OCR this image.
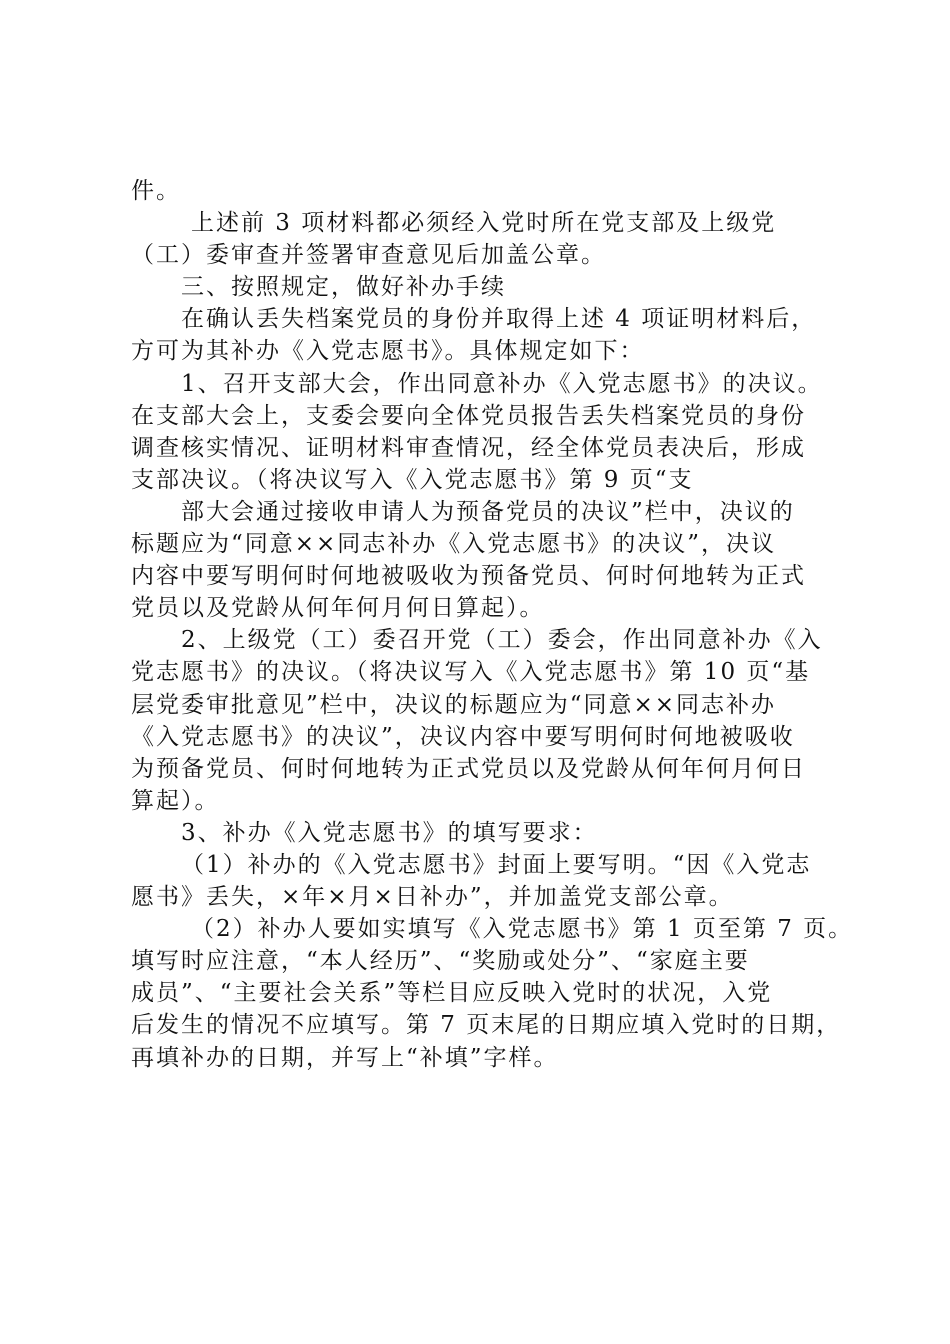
件。
上述前 3 项材料都必须经入党时所在党支部及上级党
（工）委审查并签署审查意见后加盖公章。
三、按照规定，做好补办手续
在确认丢失档案党员的身份并取得上述 4 项证明材料后，
方可为其补办《入党志愿书》。具体规定如下：
1、召开支部大会，作出同意补办《入党志愿书》的决议。
在支部大会上，支委会要向全体党员报告丢失档案党员的身份
调查核实情况、证明材料审查情况，经全体党员表决后，形成
支部决议。（将决议写入《入党志愿书》第 9 页“支
部大会通过接收申请人为预备党员的决议”栏中，决议的
标题应为“同意××同志补办《入党志愿书》的决议”，决议
内容中要写明何时何地被吸收为预备党员、何时何地转为正式
党员以及党龄从何年何月何日算起）。
2、上级党（工）委召开党（工）委会，作出同意补办《入
党志愿书》的决议。（将决议写入《入党志愿书》第 10 页“基
层党委审批意见”栏中，决议的标题应为“同意××同志补办
《入党志愿书》的决议”，决议内容中要写明何时何地被吸收
为预备党员、何时何地转为正式党员以及党龄从何年何月何日
算起）。
3、补办《入党志愿书》的填写要求：
（1）补办的《入党志愿书》封面上要写明。“因《入党志
愿书》丢失，×年×月×日补办”，并加盖党支部公章。
（2）补办人要如实填写《入党志愿书》第 1 页至第 7 页。
填写时应注意，“本人经历”、“奖励或处分”、“家庭主要
成员”、“主要社会关系”等栏目应反映入党时的状况，入党
后发生的情况不应填写。第 7 页末尾的日期应填入党时的日期，
再填补办的日期，并写上“补填”字样。
